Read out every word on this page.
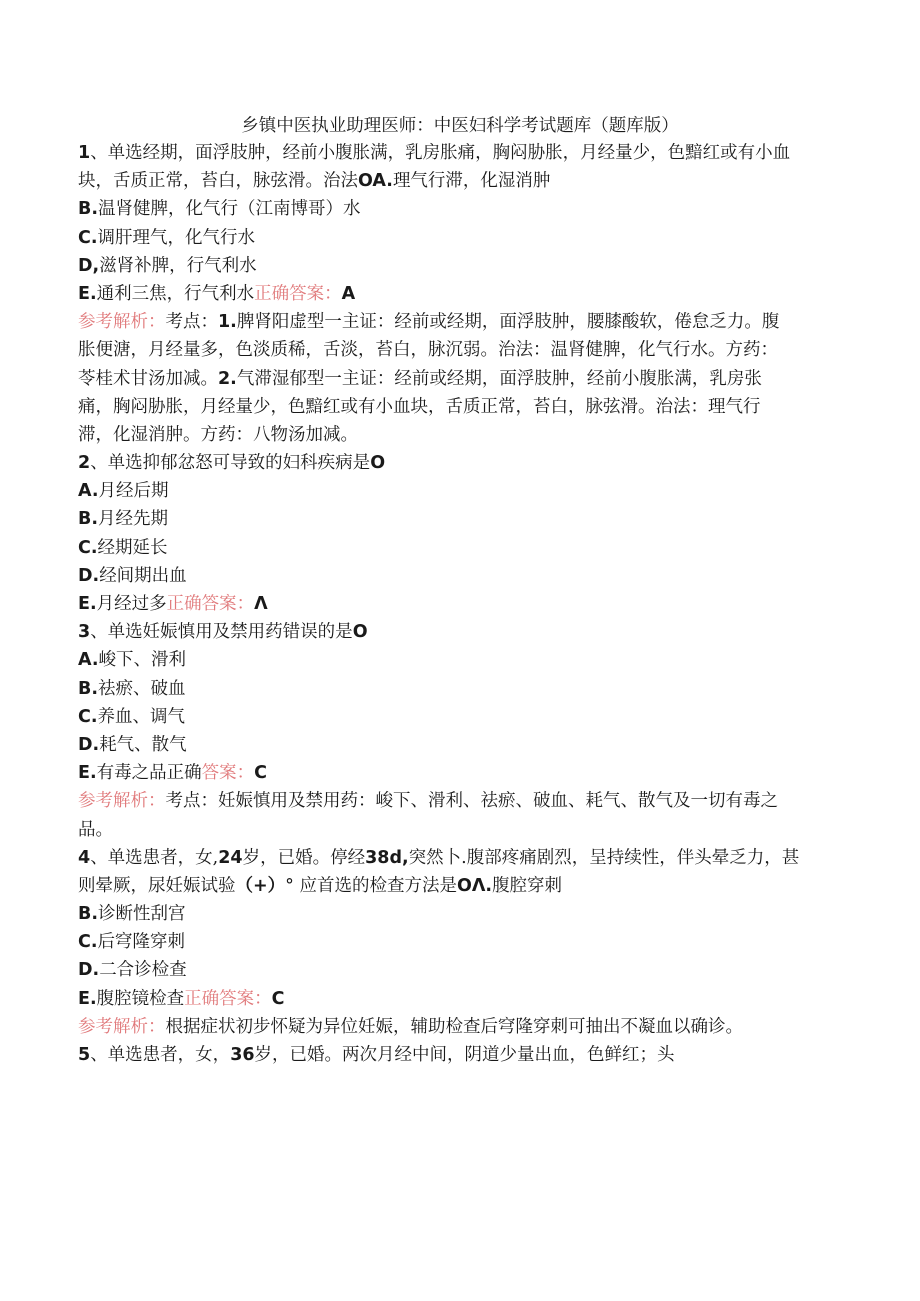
乡镇中医执业助理医师：中医妇科学考试题库（题库版）
1、单选经期，面浮肢肿，经前小腹胀满，乳房胀痛，胸闷胁胀，月经量少，色黯红或有小血
块，舌质正常，苔白，脉弦滑。治法OA.理气行滞，化湿消肿
B.温肾健脾，化气行（江南博哥）水
C.调肝理气，化气行水
D,滋肾补脾，行气利水
E.通利三焦，行气利水正确答案：A
参考解析：考点：1.脾肾阳虚型一主证：经前或经期，面浮肢肿，腰膝酸软，倦怠乏力。腹
胀便溏，月经量多，色淡质稀，舌淡，苔白，脉沉弱。治法：温肾健脾，化气行水。方药：
苓桂术甘汤加减。2.气滞湿郁型一主证：经前或经期，面浮肢肿，经前小腹胀满，乳房张
痛，胸闷胁胀，月经量少，色黯红或有小血块，舌质正常，苔白，脉弦滑。治法：理气行
滞，化湿消肿。方药：八物汤加减。
2、单选抑郁忿怒可导致的妇科疾病是O
A.月经后期
B.月经先期
C.经期延长
D.经间期出血
E.月经过多正确答案：Λ
3、单选妊娠慎用及禁用药错误的是O
A.峻下、滑利
B.祛瘀、破血
C.养血、调气
D.耗气、散气
E.有毒之品正确答案：C
参考解析：考点：妊娠慎用及禁用药：峻下、滑利、祛瘀、破血、耗气、散气及一切有毒之
品。
4、单选患者，女,24岁，已婚。停经38d,突然卜.腹部疼痛剧烈，呈持续性，伴头晕乏力，甚
则晕厥，尿妊娠试验（+）° 应首选的检查方法是OΛ.腹腔穿刺
B.诊断性刮宫
C.后穹隆穿刺
D.二合诊检查
E.腹腔镜检查正确答案：C
参考解析：根据症状初步怀疑为异位妊娠，辅助检查后穹隆穿刺可抽出不凝血以确诊。
5、单选患者，女，36岁，已婚。两次月经中间，阴道少量出血，色鲜红；头
